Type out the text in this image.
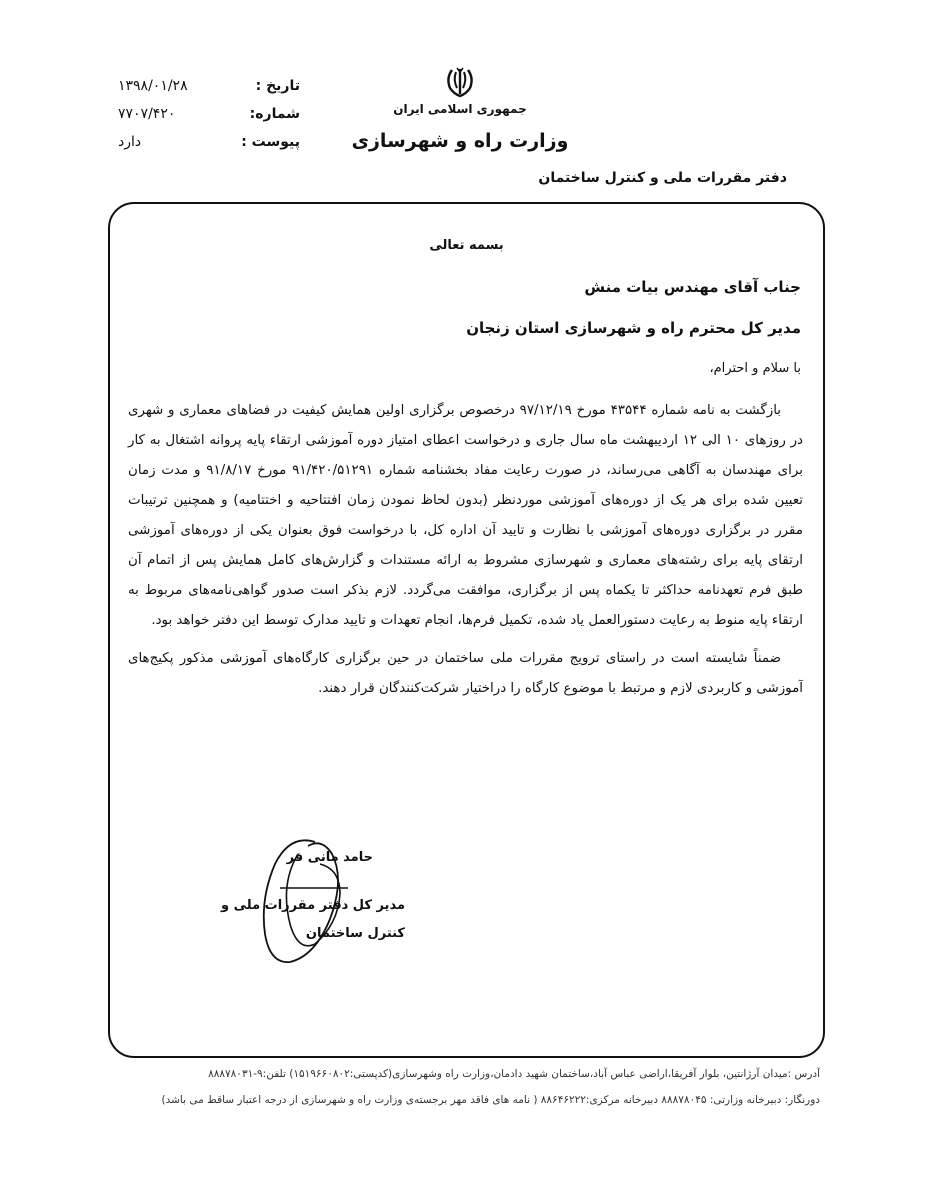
تاریخ :
۱۳۹۸/۰۱/۲۸
شماره:
۷۷۰۷/۴۲۰
پیوست :
دارد
جمهوری اسلامی ایران
وزارت راه و شهرسازی
دفتر مقررات ملی و کنترل ساختمان
بسمه تعالی
جناب آقای مهندس بیات منش
مدیر کل محترم راه و شهرسازی استان زنجان
با سلام و احترام،

بازگشت به نامه شماره ۴۳۵۴۴ مورخ ۹۷/۱۲/۱۹ درخصوص برگزاری اولین همایش کیفیت در فضاهای معماری و شهری در روزهای ۱۰ الی ۱۲ اردیبهشت ماه سال جاری و درخواست اعطای امتیاز دوره آموزشی ارتقاء پایه پروانه اشتغال به کار برای مهندسان به آگاهی می‌رساند، در صورت رعایت مفاد بخشنامه شماره ۹۱/۴۲۰/۵۱۲۹۱ مورخ ۹۱/۸/۱۷ و مدت زمان تعیین شده برای هر یک از دوره‌های آموزشی موردنظر (بدون لحاظ نمودن زمان افتتاحیه و اختتامیه) و همچنین ترتیبات مقرر در برگزاری دوره‌های آموزشی با نظارت و تایید آن اداره کل، با درخواست فوق بعنوان یکی از دوره‌های آموزشی ارتقای پایه برای رشته‌های معماری و شهرسازی مشروط به ارائه مستندات و گزارش‌های کامل همایش پس از اتمام آن طبق فرم تعهدنامه حداکثر تا یکماه پس از برگزاری، موافقت می‌گردد. لازم بذکر است صدور گواهی‌نامه‌های مربوط به ارتقاء پایه منوط به رعایت دستورالعمل یاد شده، تکمیل فرم‌ها، انجام تعهدات و تایید مدارک توسط این دفتر خواهد بود.

ضمناً شایسته است در راستای ترویج مقررات ملی ساختمان در حین برگزاری کارگاه‌های آموزشی مذکور پکیج‌های آموزشی و کاربردی لازم و مرتبط با موضوع کارگاه را دراختیار شرکت‌کنندگان قرار دهند.

حامد مانی فر
مدیر کل دفتر مقررات ملی و کنترل ساختمان
آدرس :میدان آرژانتین، بلوار آفریقا،اراضی عباس آباد،ساختمان شهید دادمان،وزارت راه وشهرسازی(کدپستی:۱۵۱۹۶۶۰۸۰۲) تلفن:۹-۸۸۸۷۸۰۳۱
دورنگار: دبیرخانه وزارتی: ۸۸۸۷۸۰۴۵ دبیرخانه مرکزی:۸۸۶۴۶۲۲۲ ( نامه های فاقد مهر برجسته‌ی وزارت راه و شهرسازی از درجه اعتبار ساقط می باشد)
